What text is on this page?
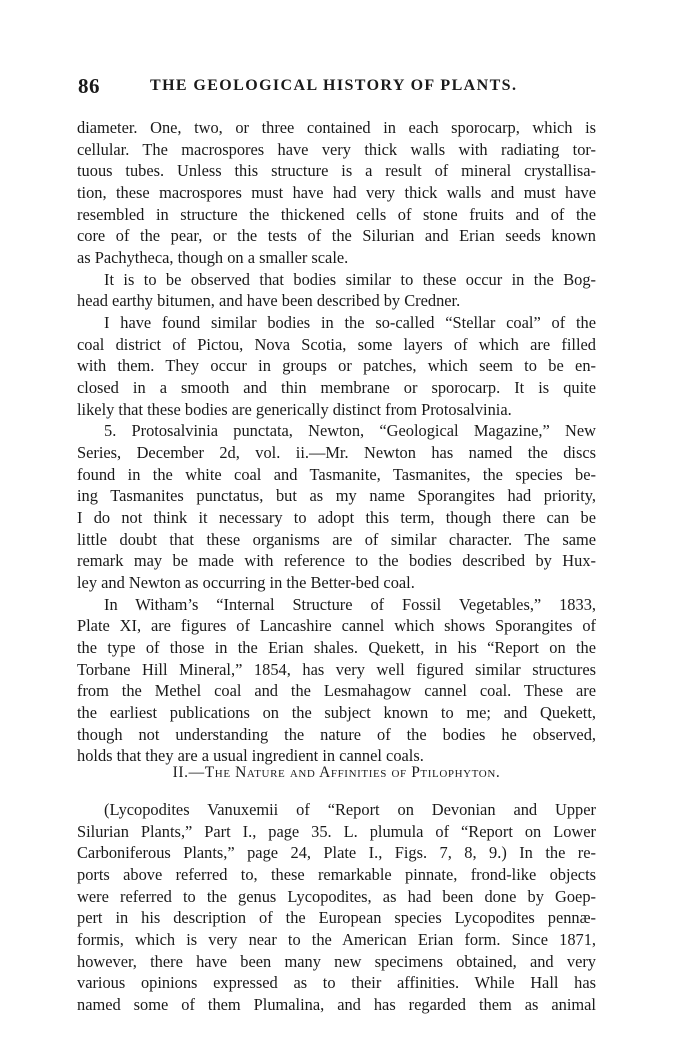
86	THE GEOLOGICAL HISTORY OF PLANTS.
diameter. One, two, or three contained in each sporocarp, which is
cellular. The macrospores have very thick walls with radiating tor-
tuous tubes. Unless this structure is a result of mineral crystallisa-
tion, these macrospores must have had very thick walls and must have
resembled in structure the thickened cells of stone fruits and of the
core of the pear, or the tests of the Silurian and Erian seeds known
as Pachytheca, though on a smaller scale.
It is to be observed that bodies similar to these occur in the Bog-
head earthy bitumen, and have been described by Credner.
I have found similar bodies in the so-called “Stellar coal” of the
coal district of Pictou, Nova Scotia, some layers of which are filled
with them. They occur in groups or patches, which seem to be en-
closed in a smooth and thin membrane or sporocarp. It is quite
likely that these bodies are generically distinct from Protosalvinia.
5. Protosalvinia punctata, Newton, “Geological Magazine,” New
Series, December 2d, vol. ii.—Mr. Newton has named the discs
found in the white coal and Tasmanite, Tasmanites, the species be-
ing Tasmanites punctatus, but as my name Sporangites had priority,
I do not think it necessary to adopt this term, though there can be
little doubt that these organisms are of similar character. The same
remark may be made with reference to the bodies described by Hux-
ley and Newton as occurring in the Better-bed coal.
In Witham’s “Internal Structure of Fossil Vegetables,” 1833,
Plate XI, are figures of Lancashire cannel which shows Sporangites of
the type of those in the Erian shales. Quekett, in his “Report on the
Torbane Hill Mineral,” 1854, has very well figured similar structures
from the Methel coal and the Lesmahagow cannel coal. These are
the earliest publications on the subject known to me; and Quekett,
though not understanding the nature of the bodies he observed,
holds that they are a usual ingredient in cannel coals.
II.—The Nature and Affinities of Ptilophyton.
(Lycopodites Vanuxemii of “Report on Devonian and Upper
Silurian Plants,” Part I., page 35. L. plumula of “Report on Lower
Carboniferous Plants,” page 24, Plate I., Figs. 7, 8, 9.) In the re-
ports above referred to, these remarkable pinnate, frond-like objects
were referred to the genus Lycopodites, as had been done by Goep-
pert in his description of the European species Lycopodites pennæ-
formis, which is very near to the American Erian form. Since 1871,
however, there have been many new specimens obtained, and very
various opinions expressed as to their affinities. While Hall has
named some of them Plumalina, and has regarded them as animal
